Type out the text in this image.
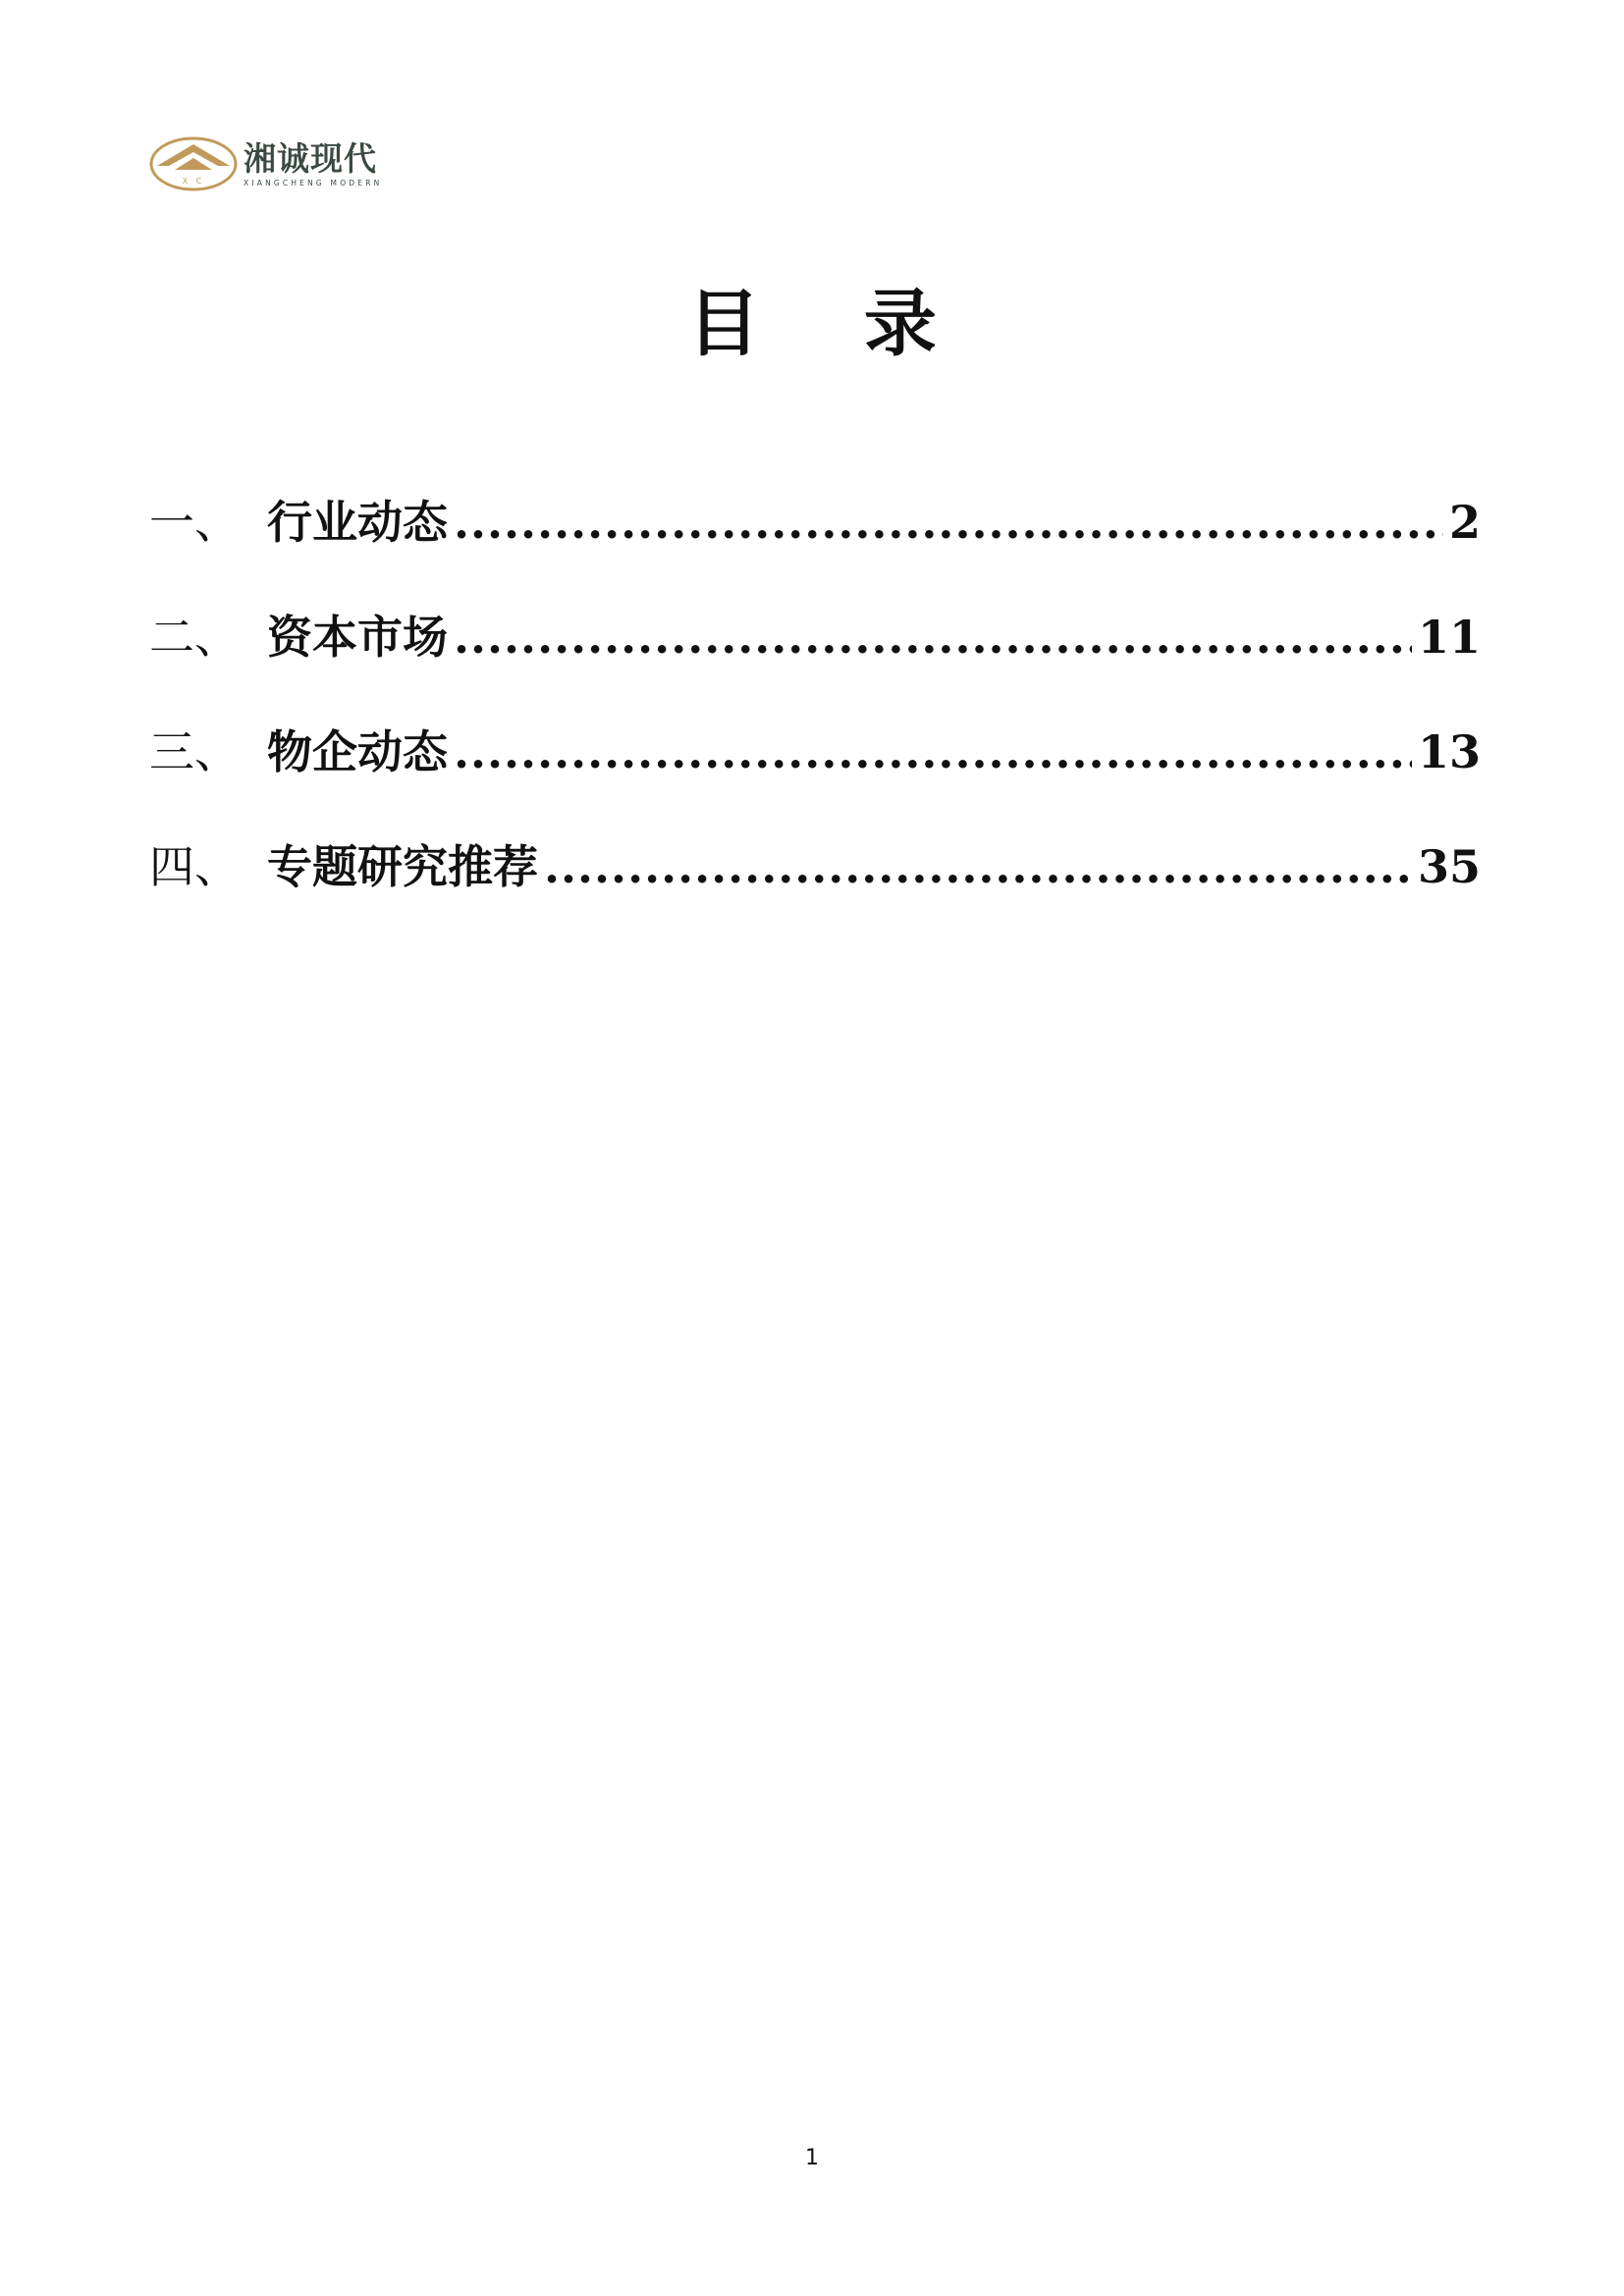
X C
湘诚现代
XIANGCHENG MODERN
目 录
一、 行业动态 .....	2
二、 资本市场 .....	11
三、 物企动态 .....	13
四、 专题研究推荐 .....	35
1
